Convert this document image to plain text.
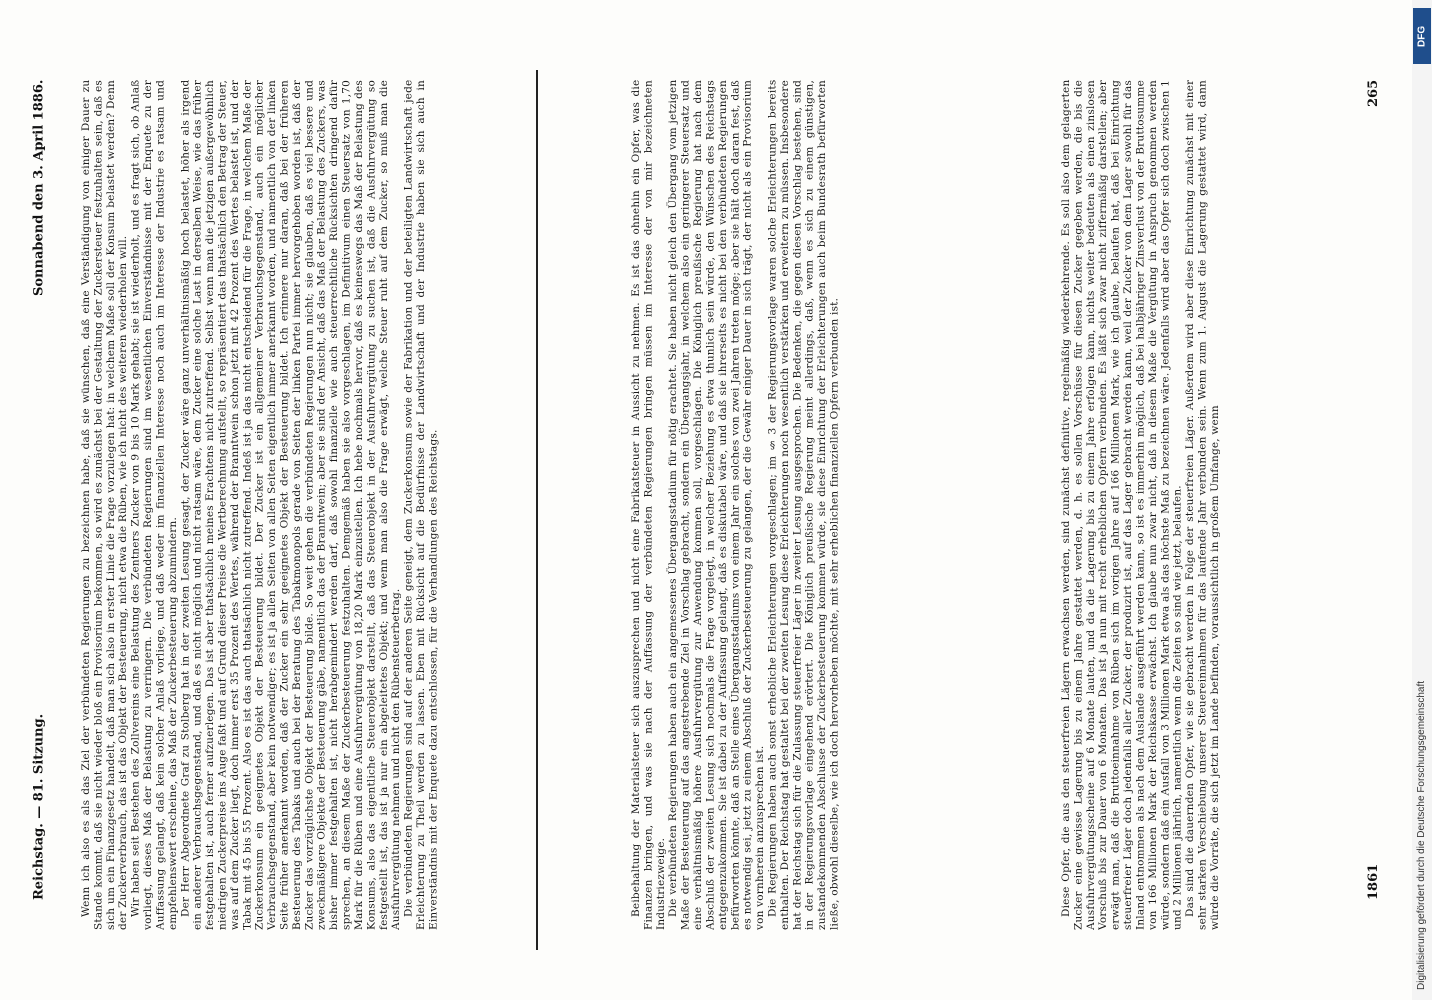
Reichstag. — 81. Sitzung.
Sonnabend den 3. April 1886.	Wenn ich also es als das Ziel der verbündeten Regierungen zu bezeichnen habe, daß sie wünschen, daß eine Verständigung von einiger Dauer zu Stande kommt, daß sie nicht wieder bloß ein Provisorium bekommen, so wird es zunächst bei der Gestaltung der Zuckersteuer festzuhalten sein, daß es sich um ein Finanzgesetz handelt, daß man sich also in erster Linie die Frage vorzulegen hat: in welchem Maße soll der Konsum belastet werden? Denn der Zuckerverbrauch, das ist das Objekt der Besteuerung, nicht etwa die Rüben, wie ich nicht des weiteren wiederholen will. Wir haben seit Bestehen des Zollvereins eine Belastung des Zentners Zucker von 9 bis 10 Mark gehabt; sie ist wiederholt, und es fragt sich, ob Anlaß vorliegt, dieses Maß der Belastung zu verringern. Die verbündeten Regierungen sind im wesentlichen Einverständnisse mit der Enquete zu der Auffassung gelangt, daß kein solcher Anlaß vorliege, und daß weder im finanziellen Interesse noch auch im Interesse der Industrie es ratsam und empfehlenswert erscheine, das Maß der Zuckerbesteuerung abzumindern. Der Herr Abgeordnete Graf zu Stolberg hat in der zweiten Lesung gesagt, der Zucker wäre ganz unverhältnismäßig hoch belastet, höher als irgend ein anderer Verbrauchsgegenstand, und daß es nicht möglich und nicht ratsam wäre, dem Zucker eine solche Last in derselben Weise, wie das früher festgehalten ist, auch ferner aufzuerlegen. Das ist aber thatsächlich meines Erachtens nicht zutreffend. Selbst wenn man die jetzigen außergewöhnlich niedrigen Zuckerpreise ins Auge faßt und auf Grund dieser Preise die Wertberechnung aufstellt, so repräsentiert das thatsächlich den Betrag der Steuer, was auf dem Zucker liegt, doch immer erst 35 Prozent des Wertes, während der Branntwein schon jetzt mit 42 Prozent des Wertes belastet ist, und der Tabak mit 45 bis 55 Prozent. Also es ist das auch thatsächlich nicht zutreffend. Indeß ist ja das nicht entscheidend für die Frage, in welchem Maße der Zuckerkonsum ein geeignetes Objekt der Besteuerung bildet. Der Zucker ist ein allgemeiner Verbrauchsgegenstand, auch ein möglicher Verbrauchsgegenstand, aber kein notwendiger; es ist ja allen Seiten von allen Seiten eigentlich immer anerkannt worden, und namentlich von der linken Seite früher anerkannt worden, daß der Zucker ein sehr geeignetes Objekt der Besteuerung bildet. Ich erinnere nur daran, daß bei der früheren Besteuerung des Tabaks und auch bei der Beratung des Tabakmonopols gerade von Seiten der linken Partei immer hervorgehoben worden ist, daß der Zucker das vorzüglichste Objekt der Besteuerung bilde. So weit gehen die verbündeten Regierungen nun nicht; sie glauben, daß es viel bessere und zweckmäßigere Objekte der Besteuerung gäbe, namentlich das der Branntwein; aber sie sind der Ansicht, daß das Maß der Belastung des Zuckers, was bisher immer festgehalten ist, nicht herabgemindert werden darf, daß sowohl finanzielle wie auch steuerrechtliche Rücksichten dringend dafür sprechen, an diesem Maße der Zuckerbesteuerung festzuhalten. Demgemäß haben sie also vorgeschlagen, im Definitivum einen Steuersatz von 1,70 Mark für die Rüben und eine Ausfuhrvergütung von 18,20 Mark einzustellen. Ich hebe nochmals hervor, daß es keineswegs das Maß der Belastung des Konsums, also das eigentliche Steuerobjekt darstellt, daß das Steuerobjekt in der Ausfuhrvergütung zu suchen ist, daß die Ausfuhrvergütung so festgestellt ist, das ist ja nur ein abgeleitetes Objekt; und wenn man also die Frage erwägt, welche Steuer ruht auf dem Zucker, so muß man die Ausfuhrvergütung nehmen und nicht den Rübensteuerbetrag. Die verbündeten Regierungen sind auf der anderen Seite geneigt, dem Zuckerkonsum sowie der Fabrikation und der beteiligten Landwirtschaft jede Erleichterung zu Theil werden zu lassen. Eben mit Rücksicht auf die Bedürfnisse der Landwirtschaft und der Industrie haben sie sich auch in Einverständnis mit der Enquete dazu entschlossen, für die Verhandlungen des Reichstags.	Beibehaltung der Materialsteuer sich auszusprechen und nicht eine Fabrikatsteuer in Aussicht zu nehmen. Es ist das ohnehin ein Opfer, was die Finanzen bringen, und was sie nach der Auffassung der verbündeten Regierungen bringen müssen im Interesse der von mir bezeichneten Industriezweige. Die verbündeten Regierungen haben auch ein angemessenes Übergangsstadium für nötig erachtet. Sie haben nicht gleich den Übergang vom jetzigen Maße der Besteuerung auf das angestrebende Ziel in Vorschlag gebracht, sondern ein Übergangsjahr, in welchem also ein geringerer Steuersatz und eine verhältnismäßig höhere Ausfuhrvergütung zur Anwendung kommen soll, vorgeschlagen. Die Königlich preußische Regierung hat nach dem Abschluß der zweiten Lesung sich nochmals die Frage vorgelegt, in welcher Beziehung es etwa thunlich sein würde, den Wünschen des Reichstags entgegenzukommen. Sie ist dabei zu der Auffassung gelangt, daß es diskutabel wäre, und daß sie ihrerseits es nicht bei den verbündeten Regierungen befürworten könnte, daß an Stelle eines Übergangsstadiums von einem Jahr ein solches von zwei Jahren treten möge; aber sie hält doch daran fest, daß es notwendig sei, jetzt zu einem Abschluß der Zuckerbesteuerung zu gelangen, der die Gewähr einiger Dauer in sich trägt, der nicht als ein Provisorium von vornherein anzusprechen ist. Die Regierungen haben auch sonst erhebliche Erleichterungen vorgeschlagen; im § 3 der Regierungsvorlage waren solche Erleichterungen bereits enthalten. Der Reichstag hat gestaltet bei der zweiten Lesung diese Erleichterungen noch wesentlich verstärken und erweitern zu müssen. Insbesondere hat der Reichstag sich für die Zulassung steuerfreier Läger in zweiter Lesung ausgesprochen. Die Bedenken, die gegen diesen Vorschlag bestehen, sind in der Regierungsvorlage eingehend erörtert. Die Königlich preußische Regierung meint allerdings, daß, wenn es sich zu einem günstigen, zustandekommenden Abschlusse der Zuckerbesteuerung kommen würde, sie diese Einrichtung der Erleichterungen auch beim Bundesrath befürworten ließe, obwohl dieselbe, wie ich doch hervorheben möchte, mit sehr erheblichen finanziellen Opfern verbunden ist.	Diese Opfer, die aus den steuerfreien Lägern erwachsen werden, sind zunächst definitive, regelmäßig wiederkehrende. Es soll also dem gelagerten Zucker eine gewisse Lagerung bis zu einem Jahre gestattet werden, d. h. es sollen Vorschüsse für diesen Zucker gegeben werden, die bis die Ausfuhrvergütungsscheine auf 6 Monate lauten, und da die Lagerung bis zu einem Jahre erfolgen kann, nichts weiter bedeuten als einen zinslosen Vorschuß bis zur Dauer von 6 Monaten. Das ist ja nun mit recht erheblichen Opfern verbunden. Es läßt sich zwar nicht ziffermäßig darstellen; aber erwägt man, daß die Bruttoeinnahme von Rüben sich im vorigen Jahre auf 166 Millionen Mark, wie ich glaube, belaufen hat, daß bei Einrichtung steuerfreier Läger doch jedenfalls aller Zucker, der produzirt ist, auf das Lager gebracht werden kann, weil der Zucker von dem Lager sowohl für das Inland entnommen als nach dem Auslande ausgeführt werden kann, so ist es immerhin möglich, daß bei halbjähriger Zinsverlust von der Bruttosumme von 166 Millionen Mark der Reichskasse erwächst. Ich glaube nun zwar nicht, daß in diesem Maße die Vergütung in Anspruch genommen werden würde, sondern daß ein Ausfall von 3 Millionen Mark etwa als das höchste Maß zu bezeichnen wäre. Jedenfalls wird aber das Opfer sich doch zwischen 1 und 2 Millionen jährlich, namentlich wenn die Zeiten so sind wie jetzt, belaufen. Das sind die dauernden Opfer, wie sie gebracht werden in Folge der steuerfreien Läger. Außerdem wird aber diese Einrichtung zunächst mit einer sehr starken Verschiebung unserer Steuereinnahmen für das laufende Jahr verbunden sein. Wenn zum 1. August die Lagerung gestattet wird, dann würde die Vorräte, die sich jetzt im Lande befinden, voraussichtlich in großem Umfange, wenn	1861
265
DFG
Digitalisierung gefördert durch die Deutsche Forschungsgemeinschaft
